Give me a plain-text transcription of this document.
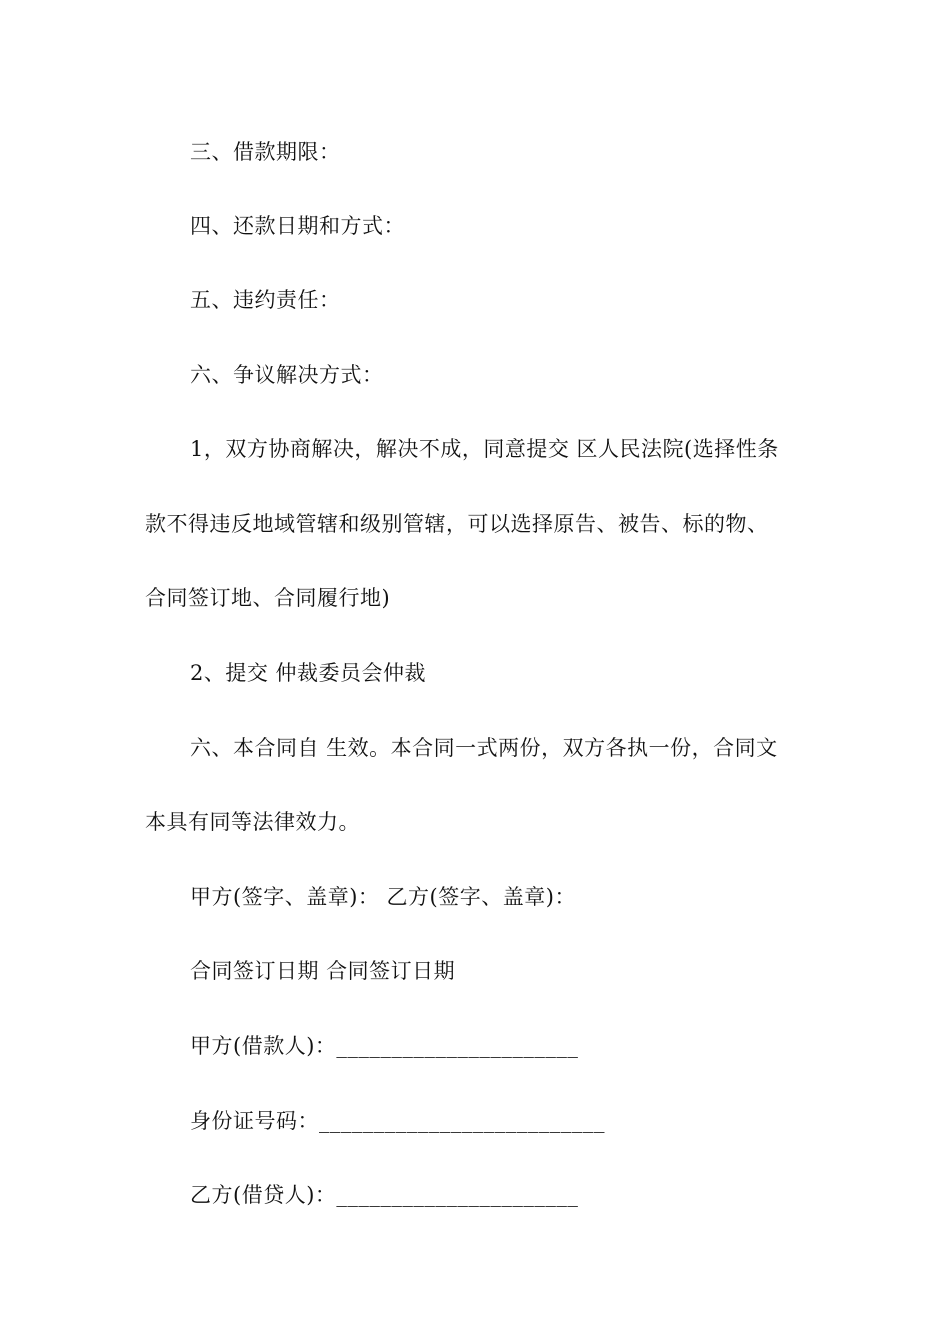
三、借款期限：
四、还款日期和方式：
五、违约责任：
六、争议解决方式：
1，双方协商解决，解决不成，同意提交 区人民法院(选择性条
款不得违反地域管辖和级别管辖，可以选择原告、被告、标的物、
合同签订地、合同履行地)
2、提交 仲裁委员会仲裁
六、本合同自 生效。本合同一式两份，双方各执一份，合同文
本具有同等法律效力。
甲方(签字、盖章)： 乙方(签字、盖章)：
合同签订日期 合同签订日期
甲方(借款人)：______________________
身份证号码：__________________________
乙方(借贷人)：______________________
